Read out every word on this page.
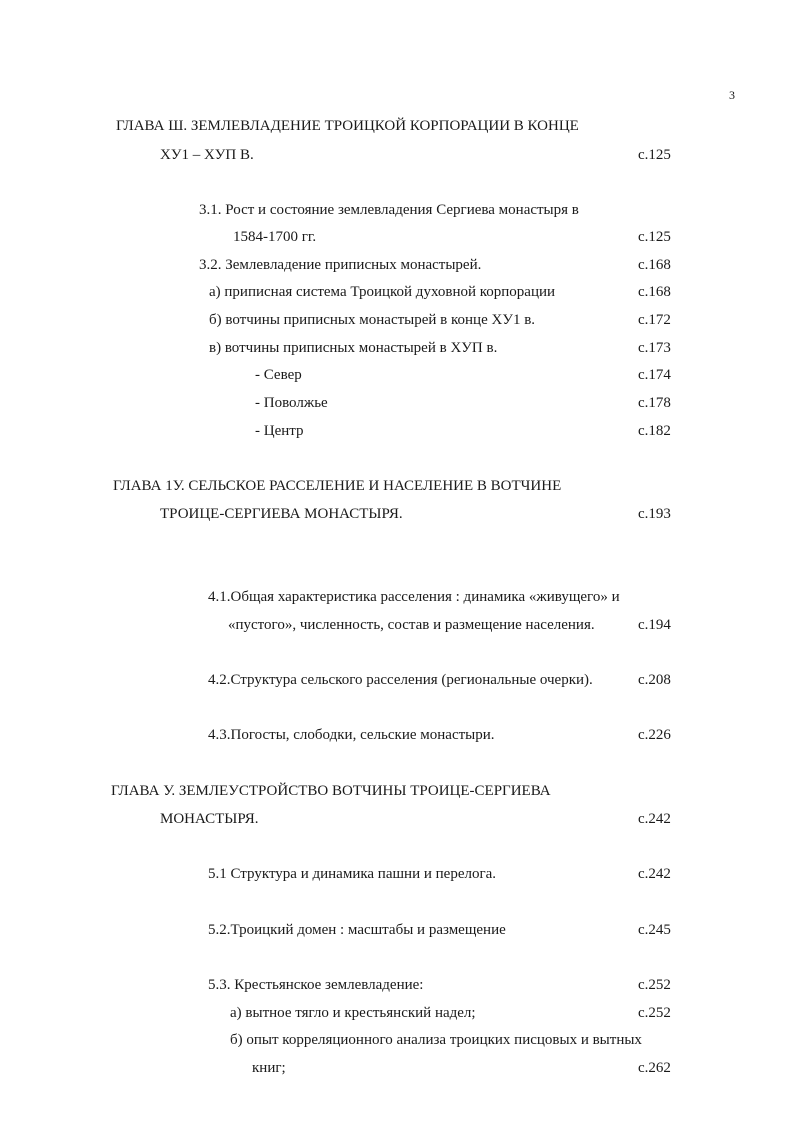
3
ГЛАВА Ш. ЗЕМЛЕВЛАДЕНИЕ ТРОИЦКОЙ КОРПОРАЦИИ В КОНЦЕ
ХУ1 – ХУП В.	с.125
3.1. Рост и состояние землевладения Сергиева монастыря в
1584-1700 гг.	с.125
3.2. Землевладение приписных монастырей.	с.168
а) приписная система Троицкой духовной корпорации	с.168
б) вотчины приписных монастырей в конце ХУ1 в.	с.172
в) вотчины приписных монастырей в ХУП в.	с.173
- Север	с.174
- Поволжье	с.178
- Центр	с.182
ГЛАВА 1У. СЕЛЬСКОЕ РАССЕЛЕНИЕ И НАСЕЛЕНИЕ В ВОТЧИНЕ
ТРОИЦЕ-СЕРГИЕВА МОНАСТЫРЯ.	с.193
4.1.Общая характеристика расселения : динамика «живущего» и
«пустого», численность, состав и размещение населения.	с.194
4.2.Структура сельского расселения (региональные очерки).	с.208
4.3.Погосты, слободки, сельские монастыри.	с.226
ГЛАВА У. ЗЕМЛЕУСТРОЙСТВО ВОТЧИНЫ ТРОИЦЕ-СЕРГИЕВА
МОНАСТЫРЯ.	с.242
5.1 Структура и динамика пашни и перелога.	с.242
5.2.Троицкий домен : масштабы и размещение	с.245
5.3. Крестьянское землевладение:	с.252
а) вытное тягло и крестьянский надел;	с.252
б) опыт корреляционного анализа троицких писцовых и вытных
книг;	с.262
